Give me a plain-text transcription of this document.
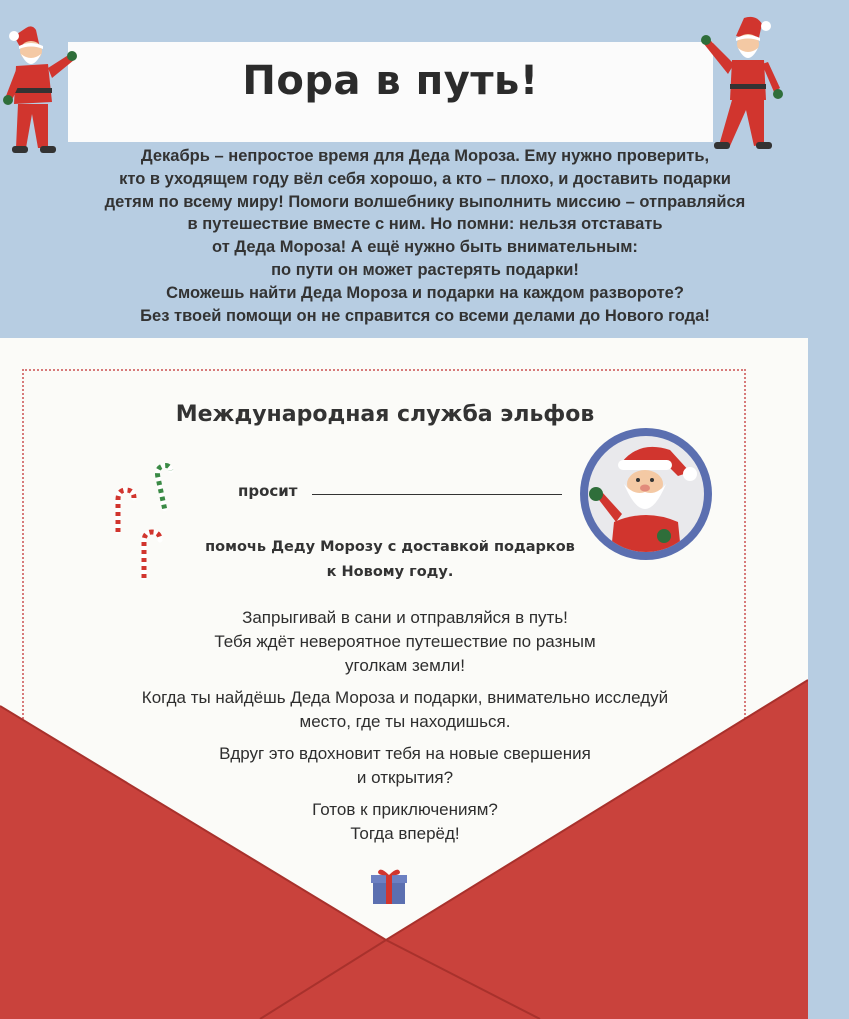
Пора в путь!
Декабрь – непростое время для Деда Мороза. Ему нужно проверить,
кто в уходящем году вёл себя хорошо, а кто – плохо, и доставить подарки
детям по всему миру! Помоги волшебнику выполнить миссию – отправляйся
в путешествие вместе с ним. Но помни: нельзя отставать
от Деда Мороза! А ещё нужно быть внимательным:
по пути он может растерять подарки!
Сможешь найти Деда Мороза и подарки на каждом развороте?
Без твоей помощи он не справится со всеми делами до Нового года!
Международная служба эльфов
просит
помочь Деду Морозу с доставкой подарков
к Новому году.
Запрыгивай в сани и отправляйся в путь!
Тебя ждёт невероятное путешествие по разным
уголкам земли!
Когда ты найдёшь Деда Мороза и подарки, внимательно исследуй
место, где ты находишься.
Вдруг это вдохновит тебя на новые свершения
и открытия?
Готов к приключениям?
Тогда вперёд!
